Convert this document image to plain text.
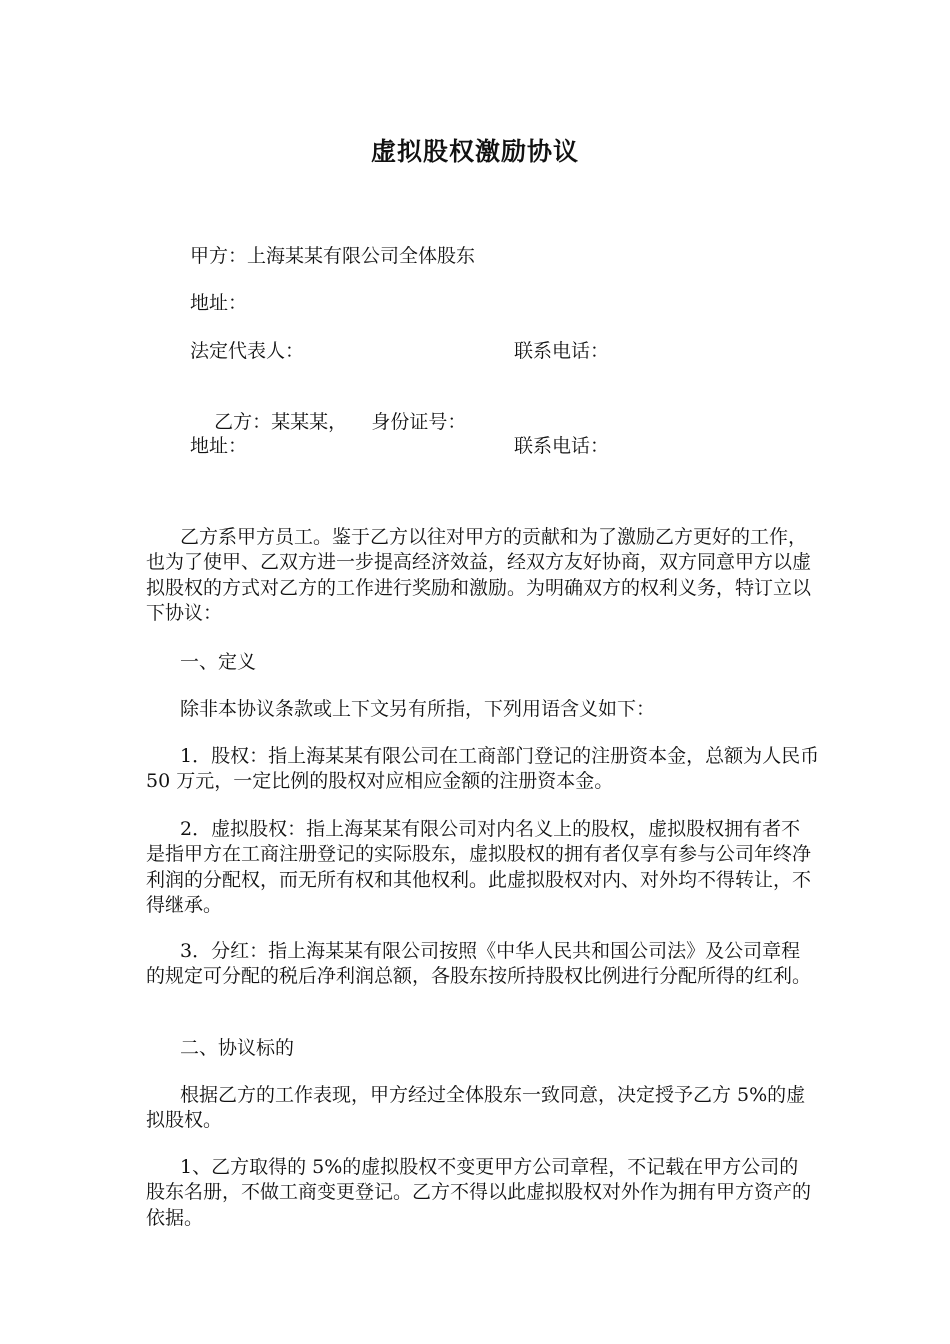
虚拟股权激励协议
甲方：上海某某有限公司全体股东
地址：
法定代表人：	联系电话：

乙方：某某某，    身份证号：

地址：	联系电话：

乙方系甲方员工。鉴于乙方以往对甲方的贡献和为了激励乙方更好的工作，也为了使甲、乙双方进一步提高经济效益，经双方友好协商，双方同意甲方以虚拟股权的方式对乙方的工作进行奖励和激励。为明确双方的权利义务，特订立以下协议：

一、定义

除非本协议条款或上下文另有所指，下列用语含义如下：

1．股权：指上海某某有限公司在工商部门登记的注册资本金，总额为人民币 50 万元，一定比例的股权对应相应金额的注册资本金。

2．虚拟股权：指上海某某有限公司对内名义上的股权，虚拟股权拥有者不是指甲方在工商注册登记的实际股东，虚拟股权的拥有者仅享有参与公司年终净利润的分配权，而无所有权和其他权利。此虚拟股权对内、对外均不得转让，不得继承。

3．分红：指上海某某有限公司按照《中华人民共和国公司法》及公司章程的规定可分配的税后净利润总额，各股东按所持股权比例进行分配所得的红利。

二、协议标的

根据乙方的工作表现，甲方经过全体股东一致同意，决定授予乙方 5%的虚拟股权。

1、乙方取得的 5%的虚拟股权不变更甲方公司章程，不记载在甲方公司的股东名册，不做工商变更登记。乙方不得以此虚拟股权对外作为拥有甲方资产的依据。
